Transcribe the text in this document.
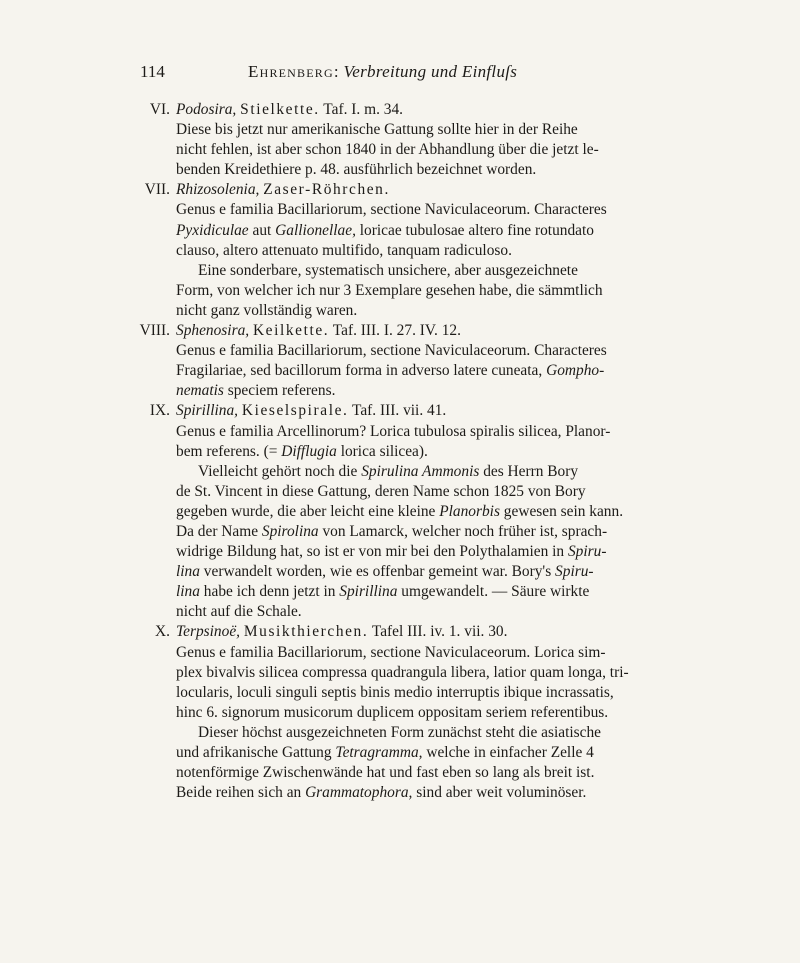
114	Ehrenberg: Verbreitung und Einfluſs
VI. Podosira, Stielkette. Taf. I. m. 34.
Diese bis jetzt nur amerikanische Gattung sollte hier in der Reihe
nicht fehlen, ist aber schon 1840 in der Abhandlung über die jetzt le-
benden Kreidethiere p. 48. ausführlich bezeichnet worden.
VII. Rhizosolenia, Zaser-Röhrchen.
Genus e familia Bacillariorum, sectione Naviculaceorum. Characteres
Pyxidiculae aut Gallionellae, loricae tubulosae altero fine rotundato
clauso, altero attenuato multifido, tanquam radiculoso.
Eine sonderbare, systematisch unsichere, aber ausgezeichnete
Form, von welcher ich nur 3 Exemplare gesehen habe, die sämmtlich
nicht ganz vollständig waren.
VIII. Sphenosira, Keilkette. Taf. III. I. 27. IV. 12.
Genus e familia Bacillariorum, sectione Naviculaceorum. Characteres
Fragilariae, sed bacillorum forma in adverso latere cuneata, Gompho-
nematis speciem referens.
IX. Spirillina, Kieselspirale. Taf. III. vii. 41.
Genus e familia Arcellinorum? Lorica tubulosa spiralis silicea, Planor-
bem referens. (= Difflugia lorica silicea).
Vielleicht gehört noch die Spirulina Ammonis des Herrn Bory
de St. Vincent in diese Gattung, deren Name schon 1825 von Bory
gegeben wurde, die aber leicht eine kleine Planorbis gewesen sein kann.
Da der Name Spirolina von Lamarck, welcher noch früher ist, sprach-
widrige Bildung hat, so ist er von mir bei den Polythalamien in Spiru-
lina verwandelt worden, wie es offenbar gemeint war. Bory's Spiru-
lina habe ich denn jetzt in Spirillina umgewandelt. — Säure wirkte
nicht auf die Schale.
X. Terpsinoë, Musikthierchen. Tafel III. iv. 1. vii. 30.
Genus e familia Bacillariorum, sectione Naviculaceorum. Lorica sim-
plex bivalvis silicea compressa quadrangula libera, latior quam longa, tri-
locularis, loculi singuli septis binis medio interruptis ibique incrassatis,
hinc 6. signorum musicorum duplicem oppositam seriem referentibus.
Dieser höchst ausgezeichneten Form zunächst steht die asiatische
und afrikanische Gattung Tetragramma, welche in einfacher Zelle 4
notenförmige Zwischenwände hat und fast eben so lang als breit ist.
Beide reihen sich an Grammatophora, sind aber weit voluminöser.
